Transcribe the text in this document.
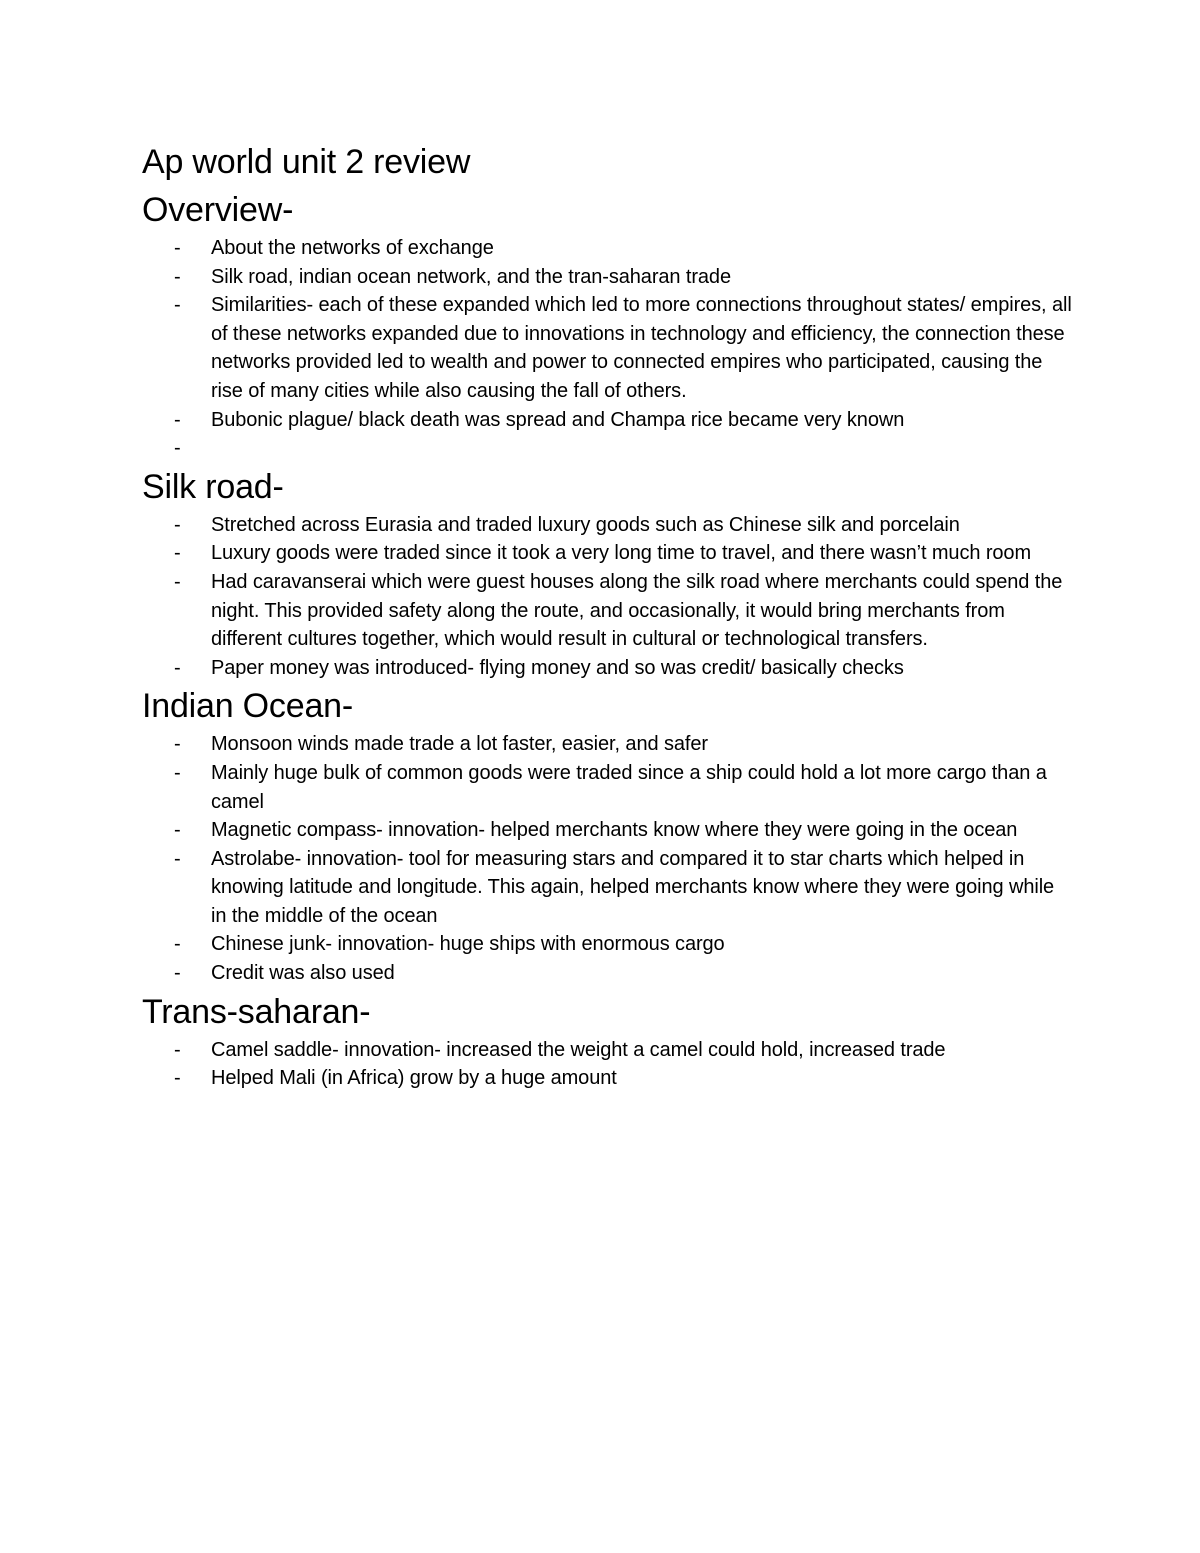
Ap world unit 2 review
Overview-
- About the networks of exchange
- Silk road, indian ocean network, and the tran-saharan trade
- Similarities- each of these expanded which led to more connections throughout states/ empires, all of these networks expanded due to innovations in technology and efficiency, the connection these networks provided led to wealth and power to connected empires who participated, causing the rise of many cities while also causing the fall of others.
- Bubonic plague/ black death was spread and Champa rice became very known
-

Silk road-
- Stretched across Eurasia and traded luxury goods such as Chinese silk and porcelain
- Luxury goods were traded since it took a very long time to travel, and there wasn’t much room
- Had caravanserai which were guest houses along the silk road where merchants could spend the night. This provided safety along the route, and occasionally, it would bring merchants from different cultures together, which would result in cultural or technological transfers.
- Paper money was introduced- flying money and so was credit/ basically checks
Indian Ocean-
- Monsoon winds made trade a lot faster, easier, and safer
- Mainly huge bulk of common goods were traded since a ship could hold a lot more cargo than a camel
- Magnetic compass- innovation- helped merchants know where they were going in the ocean
- Astrolabe- innovation- tool for measuring stars and compared it to star charts which helped in knowing latitude and longitude. This again, helped merchants know where they were going while in the middle of the ocean
- Chinese junk- innovation- huge ships with enormous cargo
- Credit was also used
Trans-saharan-
- Camel saddle- innovation- increased the weight a camel could hold, increased trade
- Helped Mali (in Africa) grow by a huge amount
